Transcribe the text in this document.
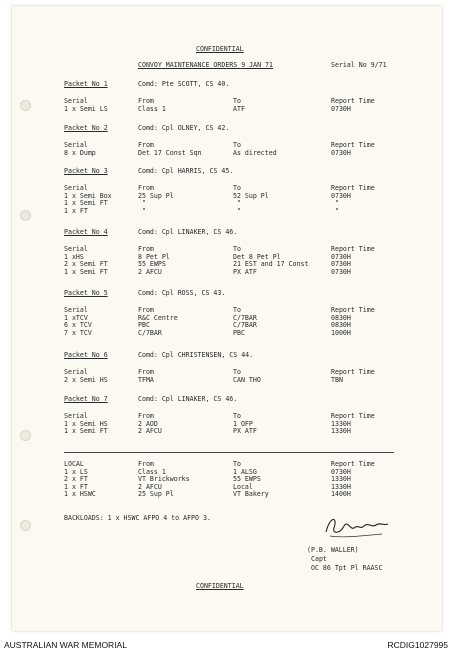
CONFIDENTIAL
CONVOY MAINTENANCE ORDERS 9 JAN 71	Serial No 9/71
Packet No 1	Comd: Pte SCOTT, CS 40.
Serial	From	To	Report Time
1 x Semi LS	Class 1	ATF	0730H
Packet No 2	Comd: Cpl OLNEY, CS 42.
Serial	From	To	Report Time
8 x Dump	Det 17 Const Sqn	As directed	0730H
Packet No 3	Comd: Cpl HARRIS, CS 45.
Serial	From	To	Report Time
1 x Semi Box	25 Sup Pl	52 Sup Pl	0730H
1 x Semi FT	"	"	"
1 x FT	"	"	"
Packet No 4	Comd: Cpl LINAKER, CS 46.
Serial	From	To	Report Time
1 xHS	8 Pet Pl	Det 8 Pet Pl	0730H
2 x Semi FT	55 EWPS	21 EST and 17 Const	0730H
1 x Semi FT	2 AFCU	PX ATF	0730H
Packet No 5	Comd: Cpl ROSS, CS 43.
Serial	From	To	Report Time
1 xTCV	R&C Centre	C/7BAR	0830H
6 x TCV	PBC	C/7BAR	0830H
7 x TCV	C/7BAR	PBC	1000H
Packet No 6	Comd: Cpl CHRISTENSEN, CS 44.
Serial	From	To	Report Time
2 x Semi HS	TFMA	CAN THO	TBN
Packet No 7	Comd: Cpl LINAKER, CS 46.
Serial	From	To	Report Time
1 x Semi HS	2 AOD	1 OFP	1330H
1 x Semi FT	2 AFCU	PX ATF	1330H
LOCAL	From	To	Report Time
1 x LS	Class 1	1 ALSG	0730H
2 x FT	VT Brickworks	55 EWPS	1330H
1 x FT	2 AFCU	Local	1330H
1 x HSWC	25 Sup Pl	VT Bakery	1400H
BACKLOADS: 1 x HSWC AFPO 4 to AFPO 3.
(P.B. WALLER)
Capt
OC 86 Tpt Pl RAASC
CONFIDENTIAL
AUSTRALIAN WAR MEMORIAL	RCDIG1027995
